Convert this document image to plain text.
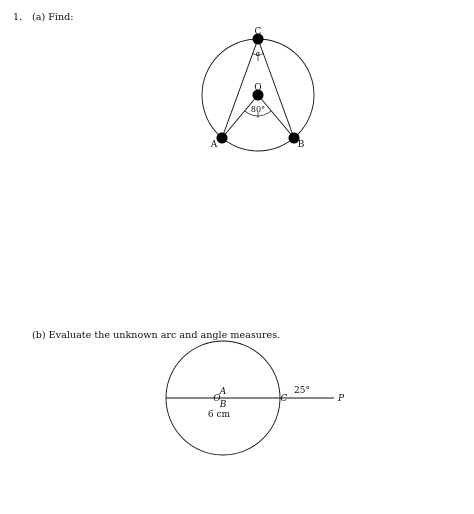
1. (a) Find:
(b) Evaluate the unknown arc and angle measures.
C
O
A	B
α
80°
O
A
B
C	P
25°
6 cm
